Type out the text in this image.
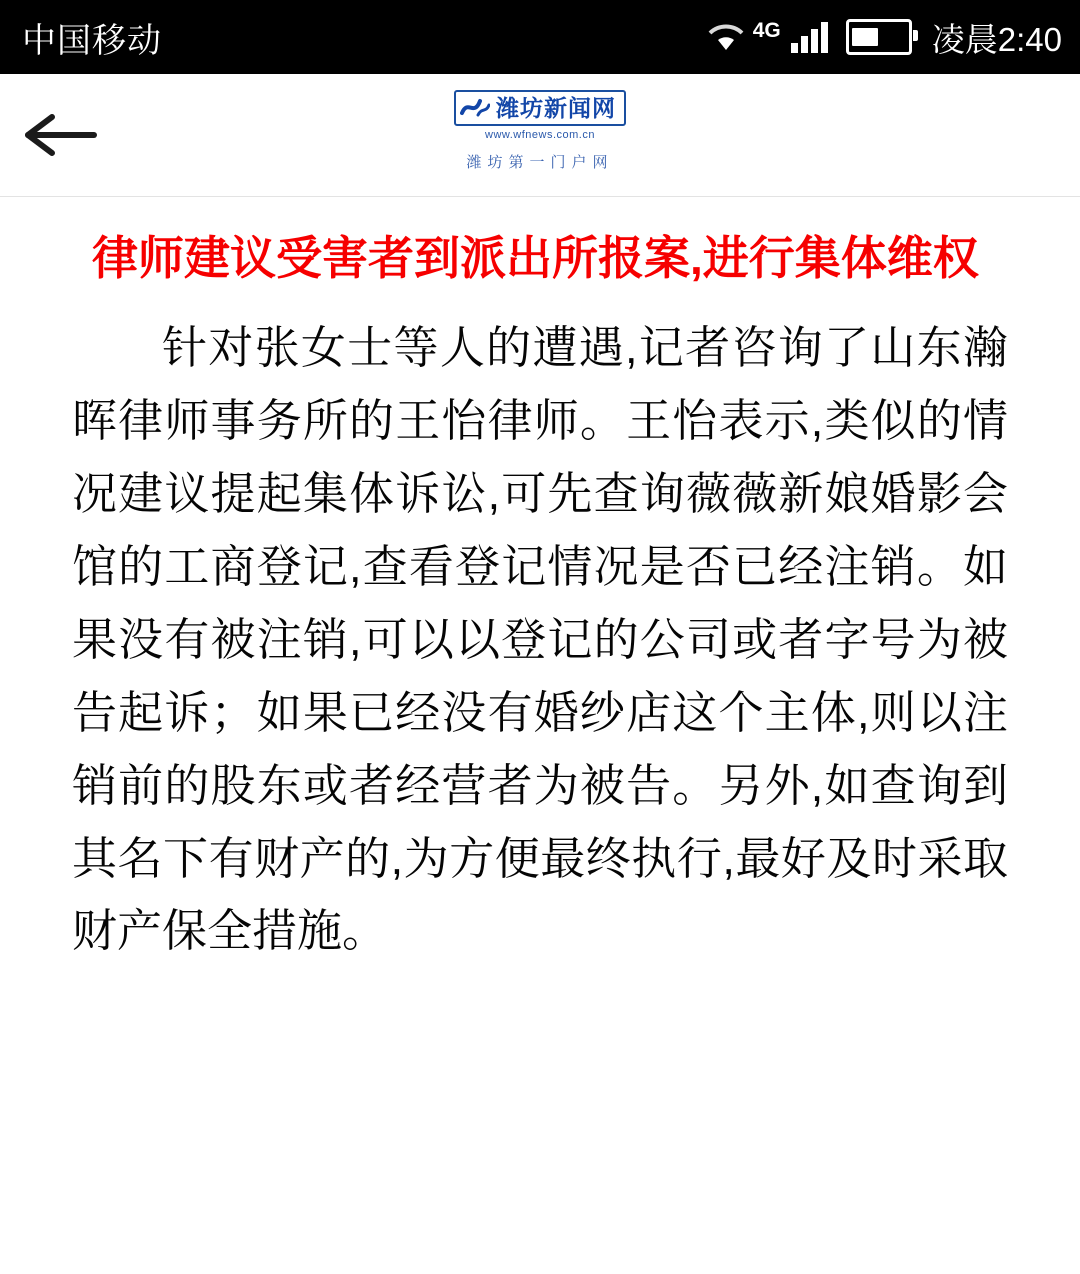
中国移动	4G	凌晨2:40
潍坊新闻网
www.wfnews.com.cn
潍坊第一门户网
律师建议受害者到派出所报案,进行集体维权

针对张女士等人的遭遇,记者咨询了山东瀚晖律师事务所的王怡律师。王怡表示,类似的情况建议提起集体诉讼,可先查询薇薇新娘婚影会馆的工商登记,查看登记情况是否已经注销。如果没有被注销,可以以登记的公司或者字号为被告起诉；如果已经没有婚纱店这个主体,则以注销前的股东或者经营者为被告。另外,如查询到其名下有财产的,为方便最终执行,最好及时采取财产保全措施。
